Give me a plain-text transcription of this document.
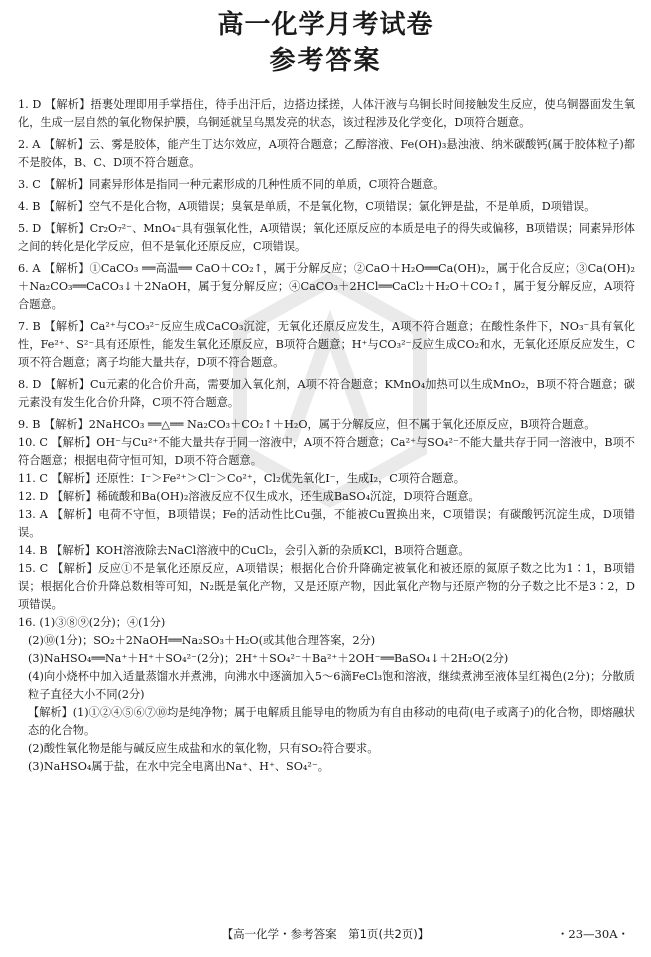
高一化学月考试卷
参考答案

1. D 【解析】捂裹处理即用手掌捂住，待手出汗后，边搭边揉搓，人体汗液与乌铜长时间接触发生反应，使乌铜器面发生氧化，生成一层自然的氧化物保护膜，乌铜延就呈乌黑发亮的状态，该过程涉及化学变化，D项符合题意。

2. A 【解析】云、雾是胶体，能产生丁达尔效应，A项符合题意；乙醇溶液、Fe(OH)₃悬浊液、纳米碳酸钙(属于胶体粒子)都不是胶体，B、C、D项不符合题意。

3. C 【解析】同素异形体是指同一种元素形成的几种性质不同的单质，C项符合题意。

4. B 【解析】空气不是化合物，A项错误；臭氧是单质，不是氧化物，C项错误；氯化钾是盐，不是单质，D项错误。

5. D 【解析】Cr₂O₇²⁻、MnO₄⁻具有强氧化性，A项错误；氧化还原反应的本质是电子的得失或偏移，B项错误；同素异形体之间的转化是化学反应，但不是氧化还原反应，C项错误。

6. A 【解析】①CaCO₃ ══高温══ CaO＋CO₂↑，属于分解反应；②CaO＋H₂O══Ca(OH)₂，属于化合反应；③Ca(OH)₂＋Na₂CO₃══CaCO₃↓＋2NaOH，属于复分解反应；④CaCO₃＋2HCl══CaCl₂＋H₂O＋CO₂↑，属于复分解反应，A项符合题意。

7. B 【解析】Ca²⁺与CO₃²⁻反应生成CaCO₃沉淀，无氧化还原反应发生，A项不符合题意；在酸性条件下，NO₃⁻具有氧化性，Fe²⁺、S²⁻具有还原性，能发生氧化还原反应，B项符合题意；H⁺与CO₃²⁻反应生成CO₂和水，无氧化还原反应发生，C项不符合题意；离子均能大量共存，D项不符合题意。

8. D 【解析】Cu元素的化合价升高，需要加入氧化剂，A项不符合题意；KMnO₄加热可以生成MnO₂，B项不符合题意；碳元素没有发生化合价升降，C项不符合题意。

9. B 【解析】2NaHCO₃ ══△══ Na₂CO₃＋CO₂↑＋H₂O，属于分解反应，但不属于氧化还原反应，B项符合题意。

10. C 【解析】OH⁻与Cu²⁺不能大量共存于同一溶液中，A项不符合题意；Ca²⁺与SO₄²⁻不能大量共存于同一溶液中，B项不符合题意；根据电荷守恒可知，D项不符合题意。

11. C 【解析】还原性：I⁻＞Fe²⁺＞Cl⁻＞Co²⁺，Cl₂优先氧化I⁻，生成I₂，C项符合题意。

12. D 【解析】稀硫酸和Ba(OH)₂溶液反应不仅生成水，还生成BaSO₄沉淀，D项符合题意。

13. A 【解析】电荷不守恒，B项错误；Fe的活动性比Cu强，不能被Cu置换出来，C项错误；有碳酸钙沉淀生成，D项错误。

14. B 【解析】KOH溶液除去NaCl溶液中的CuCl₂，会引入新的杂质KCl，B项符合题意。

15. C 【解析】反应①不是氧化还原反应，A项错误；根据化合价升降确定被氧化和被还原的氮原子数之比为1∶1，B项错误；根据化合价升降总数相等可知，N₂既是氧化产物，又是还原产物，因此氧化产物与还原产物的分子数之比不是3∶2，D项错误。

16. (1)③⑧⑨(2分)；④(1分)

(2)⑩(1分)；SO₂＋2NaOH══Na₂SO₃＋H₂O(或其他合理答案，2分)

(3)NaHSO₄══Na⁺＋H⁺＋SO₄²⁻(2分)；2H⁺＋SO₄²⁻＋Ba²⁺＋2OH⁻══BaSO₄↓＋2H₂O(2分)

(4)向小烧杯中加入适量蒸馏水并煮沸，向沸水中逐滴加入5～6滴FeCl₃饱和溶液，继续煮沸至液体呈红褐色(2分)；分散质粒子直径大小不同(2分)

【解析】(1)①②④⑤⑥⑦⑩均是纯净物；属于电解质且能导电的物质为有自由移动的电荷(电子或离子)的化合物，即熔融状态的化合物。

(2)酸性氧化物是能与碱反应生成盐和水的氧化物，只有SO₂符合要求。

(3)NaHSO₄属于盐，在水中完全电离出Na⁺、H⁺、SO₄²⁻。

【高一化学・参考答案　第1页(共2页)】	・23—30A・
